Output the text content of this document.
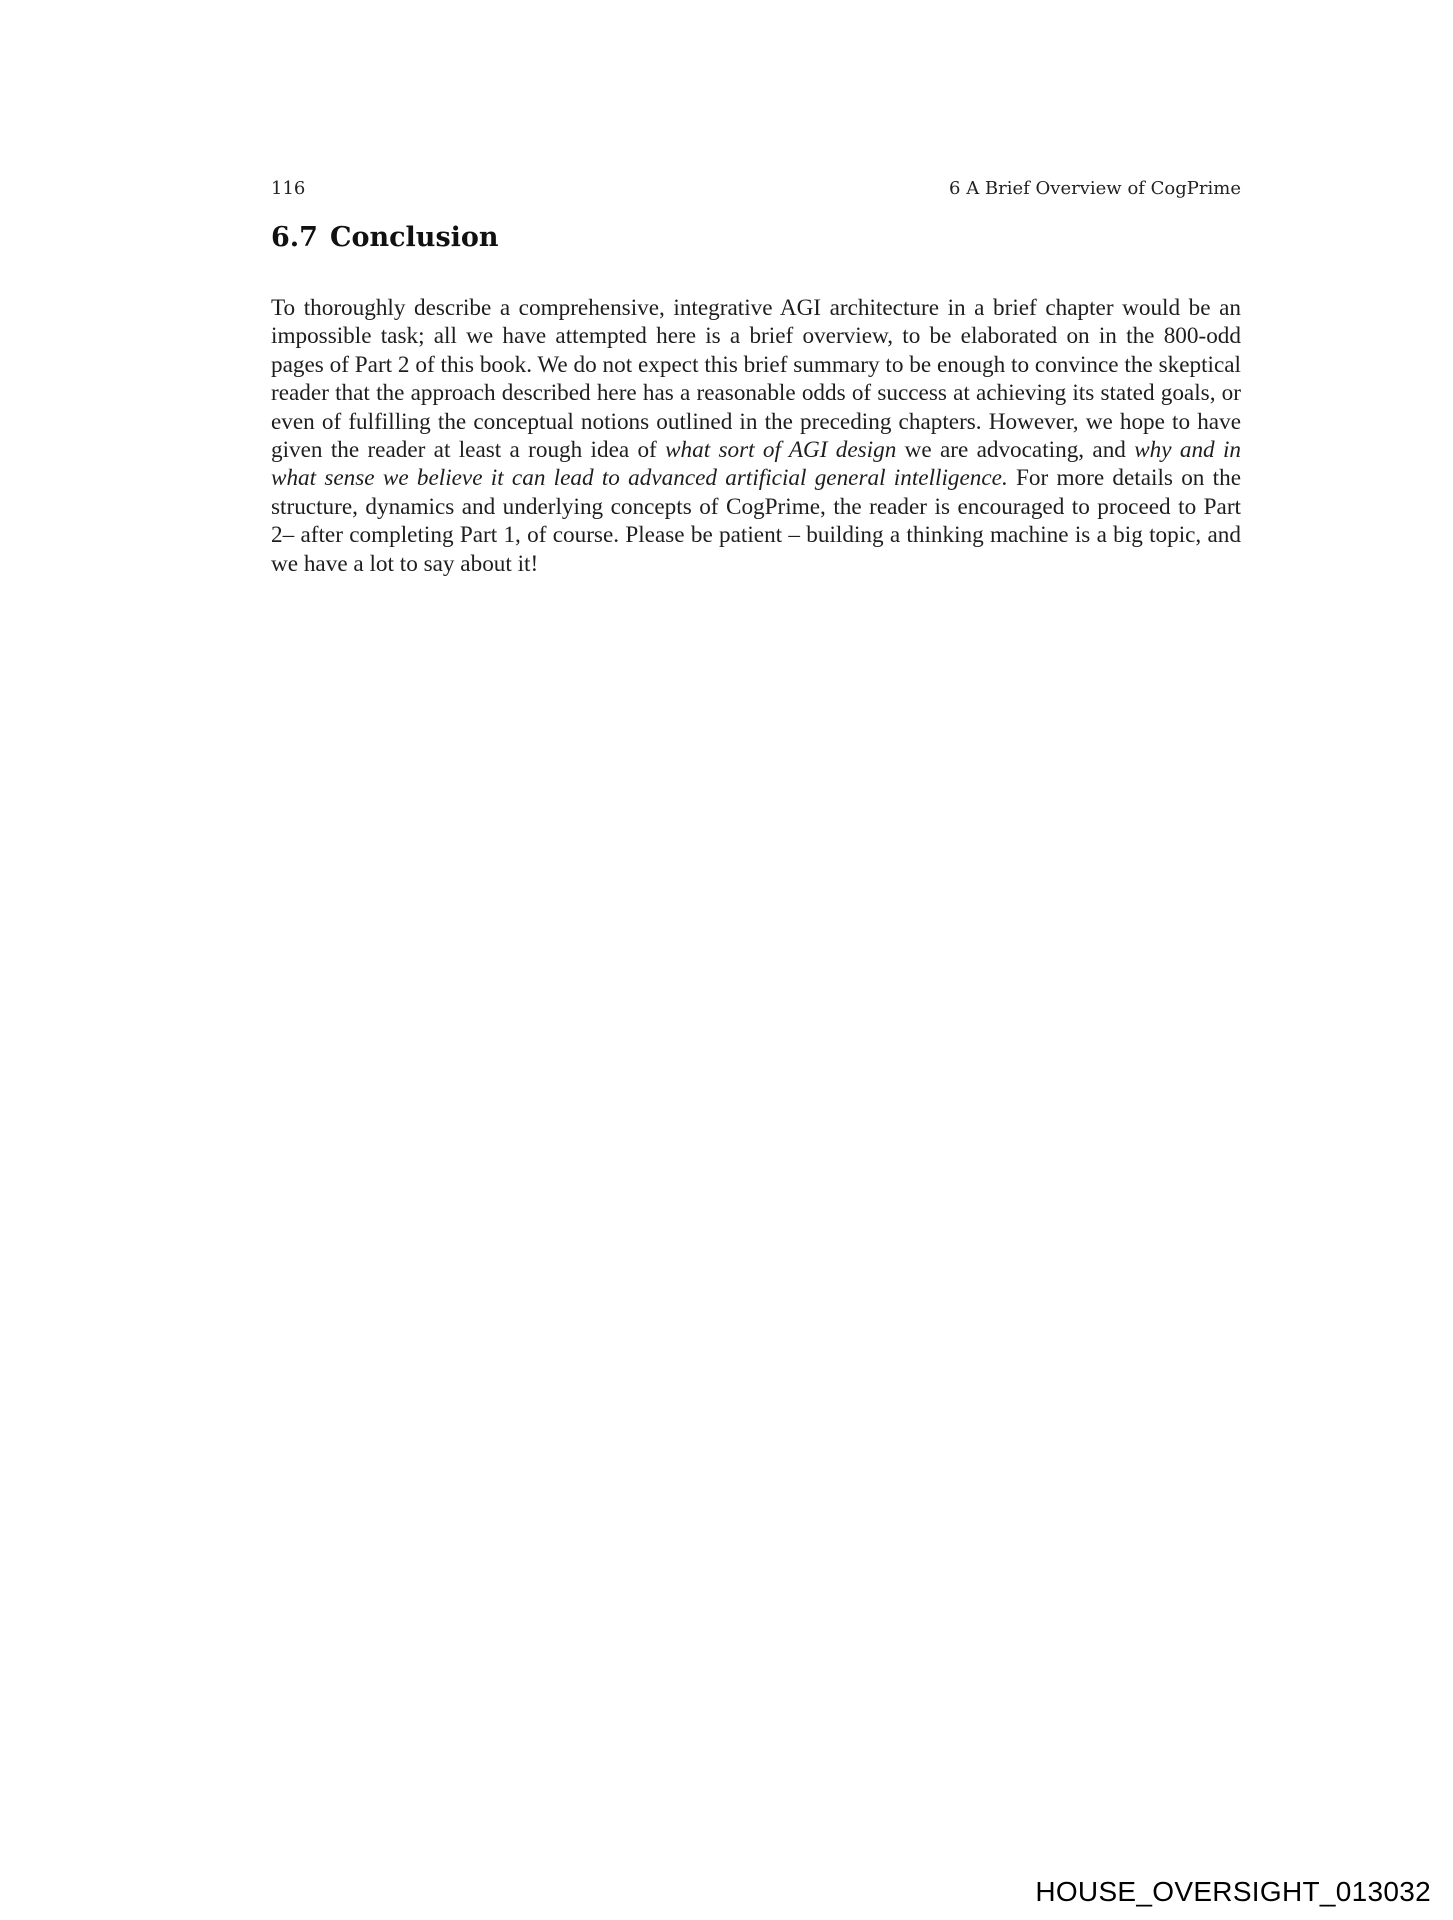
116	6 A Brief Overview of CogPrime
6.7 Conclusion

To thoroughly describe a comprehensive, integrative AGI architecture in a brief chapter would be an impossible task; all we have attempted here is a brief overview, to be elaborated on in the 800-odd pages of Part 2 of this book. We do not expect this brief summary to be enough to convince the skeptical reader that the approach described here has a reasonable odds of success at achieving its stated goals, or even of fulfilling the conceptual notions outlined in the preceding chapters. However, we hope to have given the reader at least a rough idea of what sort of AGI design we are advocating, and why and in what sense we believe it can lead to advanced artificial general intelligence. For more details on the structure, dynamics and underlying concepts of CogPrime, the reader is encouraged to proceed to Part 2– after completing Part 1, of course. Please be patient – building a thinking machine is a big topic, and we have a lot to say about it!

HOUSE_OVERSIGHT_013032
